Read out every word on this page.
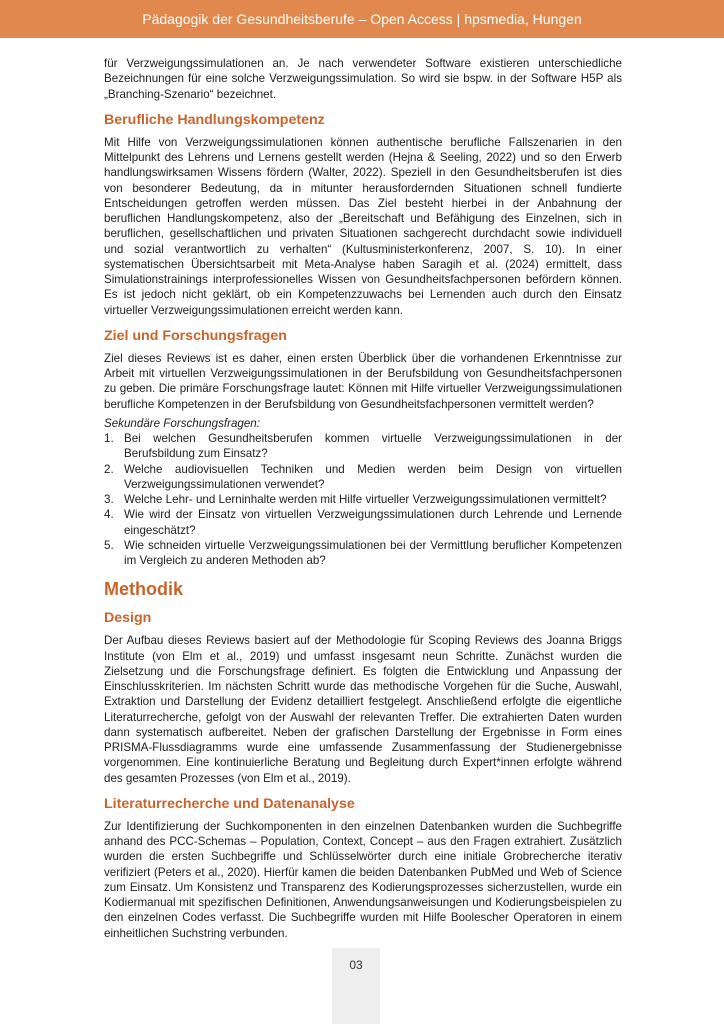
Pädagogik der Gesundheitsberufe – Open Access | hpsmedia, Hungen

für Verzweigungssimulationen an. Je nach verwendeter Software existieren unterschiedliche Bezeichnungen für eine solche Verzweigungssimulation. So wird sie bspw. in der Software H5P als „Branching-Szenario“ bezeichnet.

Berufliche Handlungskompetenz

Mit Hilfe von Verzweigungssimulationen können authentische berufliche Fallszenarien in den Mittelpunkt des Lehrens und Lernens gestellt werden (Hejna & Seeling, 2022) und so den Erwerb handlungswirksamen Wissens fördern (Walter, 2022). Speziell in den Gesundheitsberufen ist dies von besonderer Bedeutung, da in mitunter herausfordernden Situationen schnell fundierte Entscheidungen getroffen werden müssen. Das Ziel besteht hierbei in der Anbahnung der beruflichen Handlungskompetenz, also der „Bereitschaft und Befähigung des Einzelnen, sich in beruflichen, gesellschaftlichen und privaten Situationen sachgerecht durchdacht sowie individuell und sozial verantwortlich zu verhalten“ (Kultusministerkonferenz, 2007, S. 10). In einer systematischen Übersichtsarbeit mit Meta-Analyse haben Saragih et al. (2024) ermittelt, dass Simulationstrainings interprofessionelles Wissen von Gesundheitsfachpersonen befördern können. Es ist jedoch nicht geklärt, ob ein Kompetenzzuwachs bei Lernenden auch durch den Einsatz virtueller Verzweigungssimulationen erreicht werden kann.

Ziel und Forschungsfragen

Ziel dieses Reviews ist es daher, einen ersten Überblick über die vorhandenen Erkenntnisse zur Arbeit mit virtuellen Verzweigungssimulationen in der Berufsbildung von Gesundheitsfachpersonen zu geben. Die primäre Forschungsfrage lautet: Können mit Hilfe virtueller Verzweigungssimulationen berufliche Kompetenzen in der Berufsbildung von Gesundheitsfachpersonen vermittelt werden?

Sekundäre Forschungsfragen:

1. Bei welchen Gesundheitsberufen kommen virtuelle Verzweigungssimulationen in der Berufsbildung zum Einsatz?
2. Welche audiovisuellen Techniken und Medien werden beim Design von virtuellen Verzweigungssimulationen verwendet?
3. Welche Lehr- und Lerninhalte werden mit Hilfe virtueller Verzweigungssimulationen vermittelt?
4. Wie wird der Einsatz von virtuellen Verzweigungssimulationen durch Lehrende und Lernende eingeschätzt?
5. Wie schneiden virtuelle Verzweigungssimulationen bei der Vermittlung beruflicher Kompetenzen im Vergleich zu anderen Methoden ab?
Methodik
Design

Der Aufbau dieses Reviews basiert auf der Methodologie für Scoping Reviews des Joanna Briggs Institute (von Elm et al., 2019) und umfasst insgesamt neun Schritte. Zunächst wurden die Zielsetzung und die Forschungsfrage definiert. Es folgten die Entwicklung und Anpassung der Einschlusskriterien. Im nächsten Schritt wurde das methodische Vorgehen für die Suche, Auswahl, Extraktion und Darstellung der Evidenz detailliert festgelegt. Anschließend erfolgte die eigentliche Literaturrecherche, gefolgt von der Auswahl der relevanten Treffer. Die extrahierten Daten wurden dann systematisch aufbereitet. Neben der grafischen Darstellung der Ergebnisse in Form eines PRISMA-Flussdiagramms wurde eine umfassende Zusammenfassung der Studienergebnisse vorgenommen. Eine kontinuierliche Beratung und Begleitung durch Expert*innen erfolgte während des gesamten Prozesses (von Elm et al., 2019).

Literaturrecherche und Datenanalyse

Zur Identifizierung der Suchkomponenten in den einzelnen Datenbanken wurden die Suchbegriffe anhand des PCC-Schemas – Population, Context, Concept – aus den Fragen extrahiert. Zusätzlich wurden die ersten Suchbegriffe und Schlüsselwörter durch eine initiale Grobrecherche iterativ verifiziert (Peters et al., 2020). Hierfür kamen die beiden Datenbanken PubMed und Web of Science zum Einsatz. Um Konsistenz und Transparenz des Kodierungsprozesses sicherzustellen, wurde ein Kodiermanual mit spezifischen Definitionen, Anwendungsanweisungen und Kodierungsbeispielen zu den einzelnen Codes verfasst. Die Suchbegriffe wurden mit Hilfe Boolescher Operatoren in einem einheitlichen Suchstring verbunden.

03
